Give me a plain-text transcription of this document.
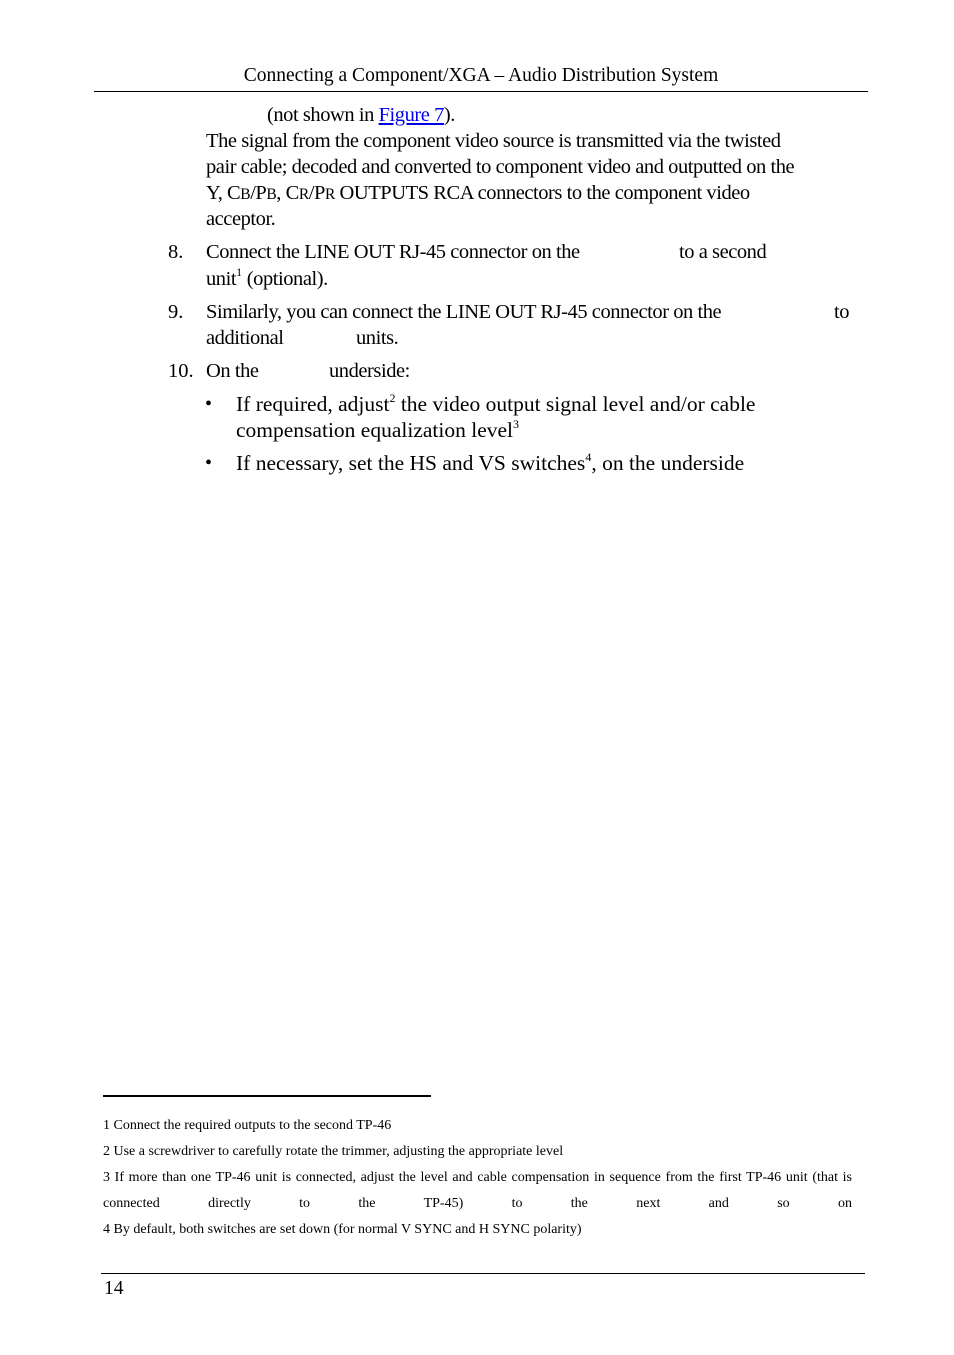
Connecting a Component/XGA – Audio Distribution System
(not shown in Figure 7).
The signal from the component video source is transmitted via the twisted
pair cable; decoded and converted to component video and outputted on the
Y, CB/PB, CR/PR OUTPUTS RCA connectors to the component video
acceptor.
8. Connect the LINE OUT RJ-45 connector on the	to a second
unit$^1$ (optional).
9. Similarly, you can connect the LINE OUT RJ-45 connector on the	to
additional	units.
10. On the	underside:
• If required, adjust$^2$ the video output signal level and/or cable
compensation equalization level$^3$
• If necessary, set the HS and VS switches$^4$, on the underside
1 Connect the required outputs to the second TP-46
2 Use a screwdriver to carefully rotate the trimmer, adjusting the appropriate level
3 If more than one TP-46 unit is connected, adjust the level and cable compensation in sequence from the first TP-46 unit (that is connected directly to the TP-45) to the next and so on
4 By default, both switches are set down (for normal V SYNC and H SYNC polarity)
14
